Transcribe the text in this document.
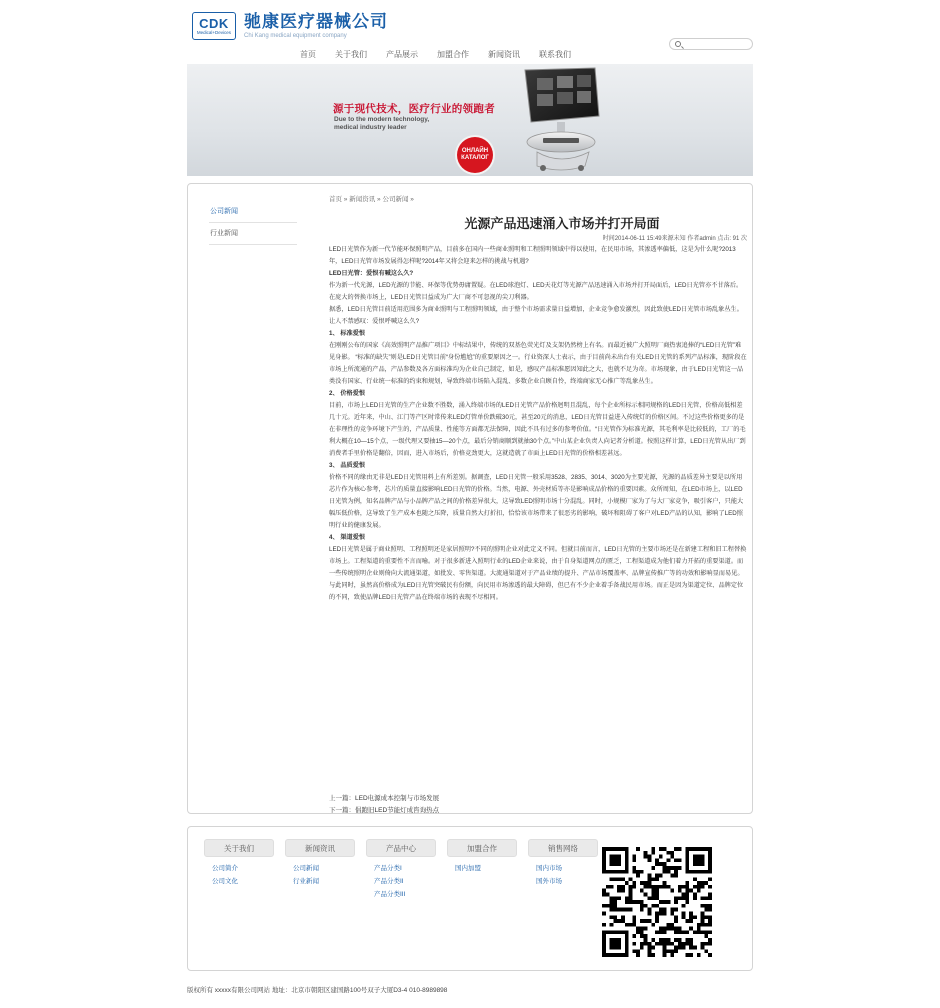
CDK
Medical+Devices
驰康医疗器械公司
Chi Kang medical equipment company
首页 关于我们 产品展示 加盟合作 新闻资讯 联系我们
源于现代技术，医疗行业的领跑者
Due to the modern technology, medical industry leader
ОНЛАЙН
КАТАЛОГ
公司新闻
行业新闻
首页 » 新闻资讯 » 公司新闻 »
光源产品迅速涌入市场并打开局面
时间2014-06-11 15:49来源未知 作者admin 点击: 91 次

LED日光管作为新一代节能环保照明产品，目前多在国内一些商业照明和工程照明领域中得以使用，在民用市场，其渗透率偏低，这是为什么呢?2013年，LED日光管市场发展得怎样呢?2014年又将会迎来怎样的挑战与机遇?

LED日光管：爱恨有喊这么久?

作为新一代光源，LED光源的节能、环保等优势毋庸置疑。在LED球泡灯、LED天花灯等光源产品迅速涌入市场并打开局面后，LED日光管亦不甘落后。在庞大的替换市场上，LED日光管目益成为广大厂商不可忽视的尖刀利器。

据悉，LED日光管目前适用范围多为商业照明与工程照明领域，由于整个市场需求量日益增加，企业竞争愈发激烈，因此致使LED日光管市场乱象丛生。让人不禁感叹：爱恨呼喊这么久?

1、 标准爱恨

在刚刚公布的国家《高效照明产品推广项目》中标结果中，传统的双基色荧光灯及支架仍然榜上有名。而最近被广大照明厂商热衷追捧的“LED日光管”难见身影。 “标准的缺失”则是LED日光管目前“身份尴尬”的重要原因之一。行业资深人士表示，由于目前尚未出台有关LED日光管的系列产品标准，现阶段在市场上所流通的产品，产品参数及各方面标准均为企业自己制定，如是，感叹产品标准愿因知此之大，也就不足为奇。市场现象，由于LED日光管这一品类没有国家、行业统一标准的约束和规划，导致终端市场陷入混乱、多数企业自顾自怜，终端商家无心推广等乱象丛生。

2、 价格爱恨

目前，市场上LED日光管的生产企业数不胜数，涌入终端市场的LED日光管产品价格迥明且混乱，每个企业所标示相同规格的LED日光管，价格高低相差几十元。近年来，中山、江门等产区时常传来LED灯管单价跌破30元，甚至20元的消息，LED日光管目益进入传统灯的价格区间。不过这些价格更多的是在非理性的竞争环境下产生的，产品质量、性能等方面都无法保障，因此不具有过多的参考价值。“日光管作为标准光源，其毛利率是比较低的，工厂的毛利大概在10—15个点，一级代理又要抽15—20个点，最后分销商顺到就抽30个点。”中山某企业负责人向记者分析道。按照这样计算，LED日光管从出厂到消费者手里价格是翻倍，因而，进入市场后，价格竞劲更大，这就造就了市面上LED日光管的价格相差甚远。

3、 品质爱恨

价格不同的缘由无非是LED日光管用料上有所差别。据调查，LED日光管一般采用3528、2835、3014、3020为主要光源，光源的品质差异主要是以所用芯片作为核心参考，芯片的质量直接影响LED日光管的价格。当然，电源、外壳材质等亦是影响成品价格的重要因素。众所周知，在LED市场上，以LED日光管为例，知名品牌产品与小品牌产品之间的价格差异很大，这导致LED照明市场十分混乱。同时，小规模厂家为了与大厂家竞争，吸引客户，只能大幅压低价格，这导致了生产成本也随之压降，质量自然大打折扣，恰恰该市场带来了很恶劣的影响，破坏和阻碍了客户对LED产品的认知，影响了LED照明行业的健康发展。

4、 渠道爱恨

LED日光管是属于商业照明、工程照明还是家居照明?不同的照明企业对此定义不同。但就目前而言，LED日光管的主要市场还是在新建工程和旧工程替换市场上。工程渠道的重要性不言而喻。对于很多新进入照明行业的LED企业来说，由于自身渠道网点的匮乏，工程渠道成为他们着力开拓的重要渠道。而一些传统照明企业则倚向大流通渠道，如批发、零售渠道。大流通渠道对于产品业绩的提升、产品市场覆盖率、品牌宣传推广等的功效和影响显而易见。与此同时，虽然高价格成为LED日光管突破民有份额，向民用市场渗透的最大障碍，但已有不少企业着手备战民用市场。而正是因为渠道定位、品牌定位的不同，致使品牌LED日光管产品在终端市场的表现不尽相同。

上一篇：LED电源成本控制与市场发展

下一篇：倡跑旧LED节能灯成咨询热点

关于我们
公司简介
公司文化
新闻资讯
公司新闻
行业新闻
产品中心
产品分类I
产品分类II
产品分类III
加盟合作
国内加盟
销售网络
国内市场
国外市场
版权所有 xxxxx有限公司网站 地址：北京市朝阳区建国路100号双子大厦D3-4 010-8989898
